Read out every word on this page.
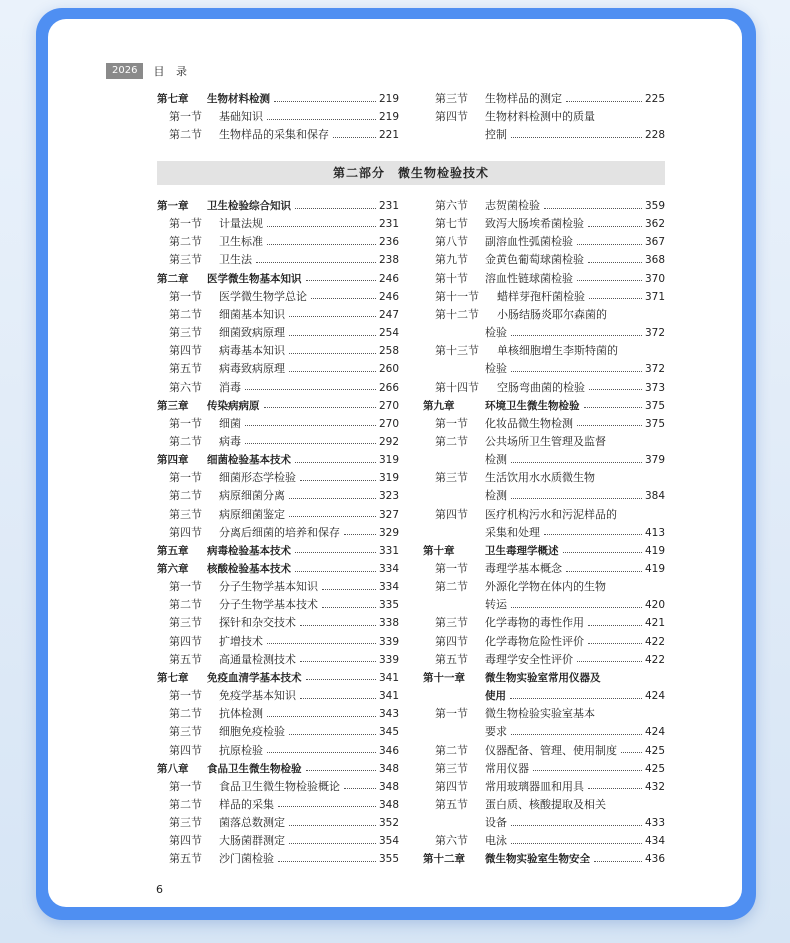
2026	目 录
第七章	生物材料检测	219
第一节	基础知识	219
第二节	生物样品的采集和保存	221
第三节	生物样品的测定	225
第四节	生物材料检测中的质量
控制	228
第二部分　微生物检验技术
第一章	卫生检验综合知识	231
第一节	计量法规	231
第二节	卫生标准	236
第三节	卫生法	238
第二章	医学微生物基本知识	246
第一节	医学微生物学总论	246
第二节	细菌基本知识	247
第三节	细菌致病原理	254
第四节	病毒基本知识	258
第五节	病毒致病原理	260
第六节	消毒	266
第三章	传染病病原	270
第一节	细菌	270
第二节	病毒	292
第四章	细菌检验基本技术	319
第一节	细菌形态学检验	319
第二节	病原细菌分离	323
第三节	病原细菌鉴定	327
第四节	分离后细菌的培养和保存	329
第五章	病毒检验基本技术	331
第六章	核酸检验基本技术	334
第一节	分子生物学基本知识	334
第二节	分子生物学基本技术	335
第三节	探针和杂交技术	338
第四节	扩增技术	339
第五节	高通量检测技术	339
第七章	免疫血清学基本技术	341
第一节	免疫学基本知识	341
第二节	抗体检测	343
第三节	细胞免疫检验	345
第四节	抗原检验	346
第八章	食品卫生微生物检验	348
第一节	食品卫生微生物检验概论	348
第二节	样品的采集	348
第三节	菌落总数测定	352
第四节	大肠菌群测定	354
第五节	沙门菌检验	355
第六节	志贺菌检验	359
第七节	致泻大肠埃希菌检验	362
第八节	副溶血性弧菌检验	367
第九节	金黄色葡萄球菌检验	368
第十节	溶血性链球菌检验	370
第十一节	蜡样芽孢杆菌检验	371
第十二节	小肠结肠炎耶尔森菌的
检验	372
第十三节	单核细胞增生李斯特菌的
检验	372
第十四节	空肠弯曲菌的检验	373
第九章	环境卫生微生物检验	375
第一节	化妆品微生物检测	375
第二节	公共场所卫生管理及监督
检测	379
第三节	生活饮用水水质微生物
检测	384
第四节	医疗机构污水和污泥样品的
采集和处理	413
第十章	卫生毒理学概述	419
第一节	毒理学基本概念	419
第二节	外源化学物在体内的生物
转运	420
第三节	化学毒物的毒性作用	421
第四节	化学毒物危险性评价	422
第五节	毒理学安全性评价	422
第十一章	微生物实验室常用仪器及
使用	424
第一节	微生物检验实验室基本
要求	424
第二节	仪器配备、管理、使用制度	425
第三节	常用仪器	425
第四节	常用玻璃器皿和用具	432
第五节	蛋白质、核酸提取及相关
设备	433
第六节	电泳	434
第十二章	微生物实验室生物安全	436
6
